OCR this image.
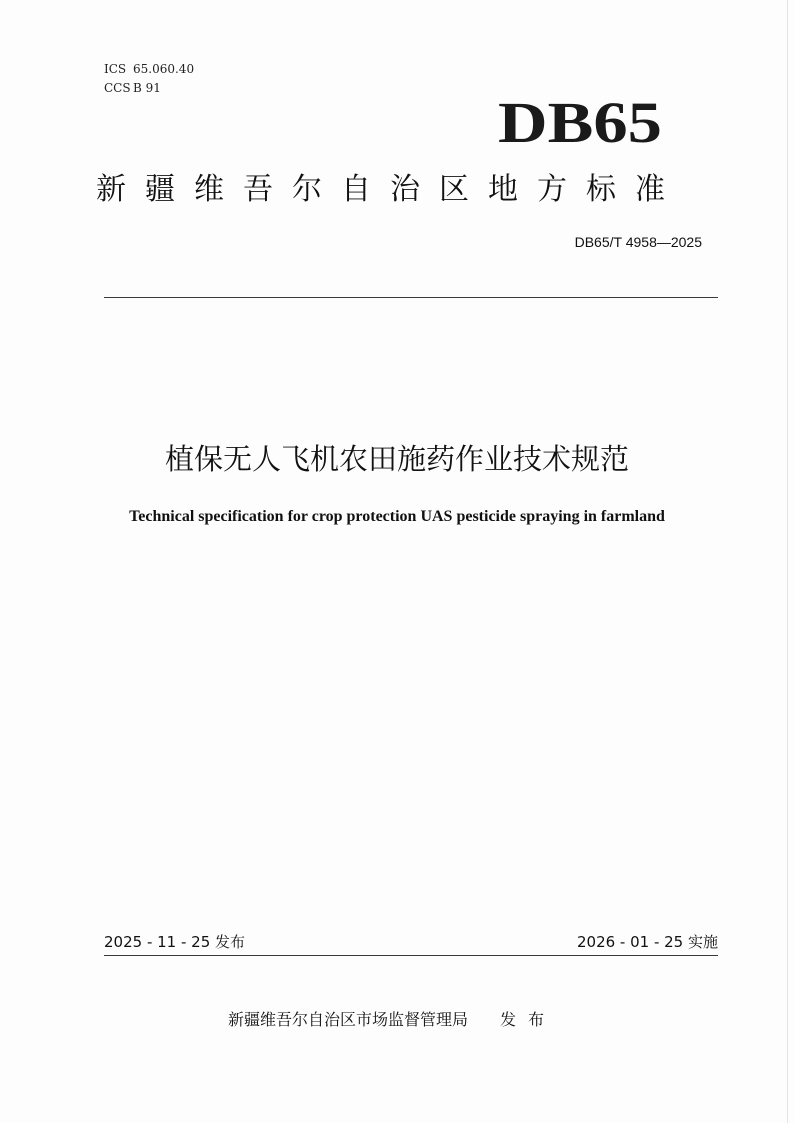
ICS 65.060.40
CCS B 91
DB65
新疆维吾尔自治区地方标准
DB65/T 4958—2025
植保无人飞机农田施药作业技术规范
Technical specification for crop protection UAS pesticide spraying in farmland
2025 - 11 - 25 发布	2026 - 01 - 25 实施
新疆维吾尔自治区市场监督管理局 发布
